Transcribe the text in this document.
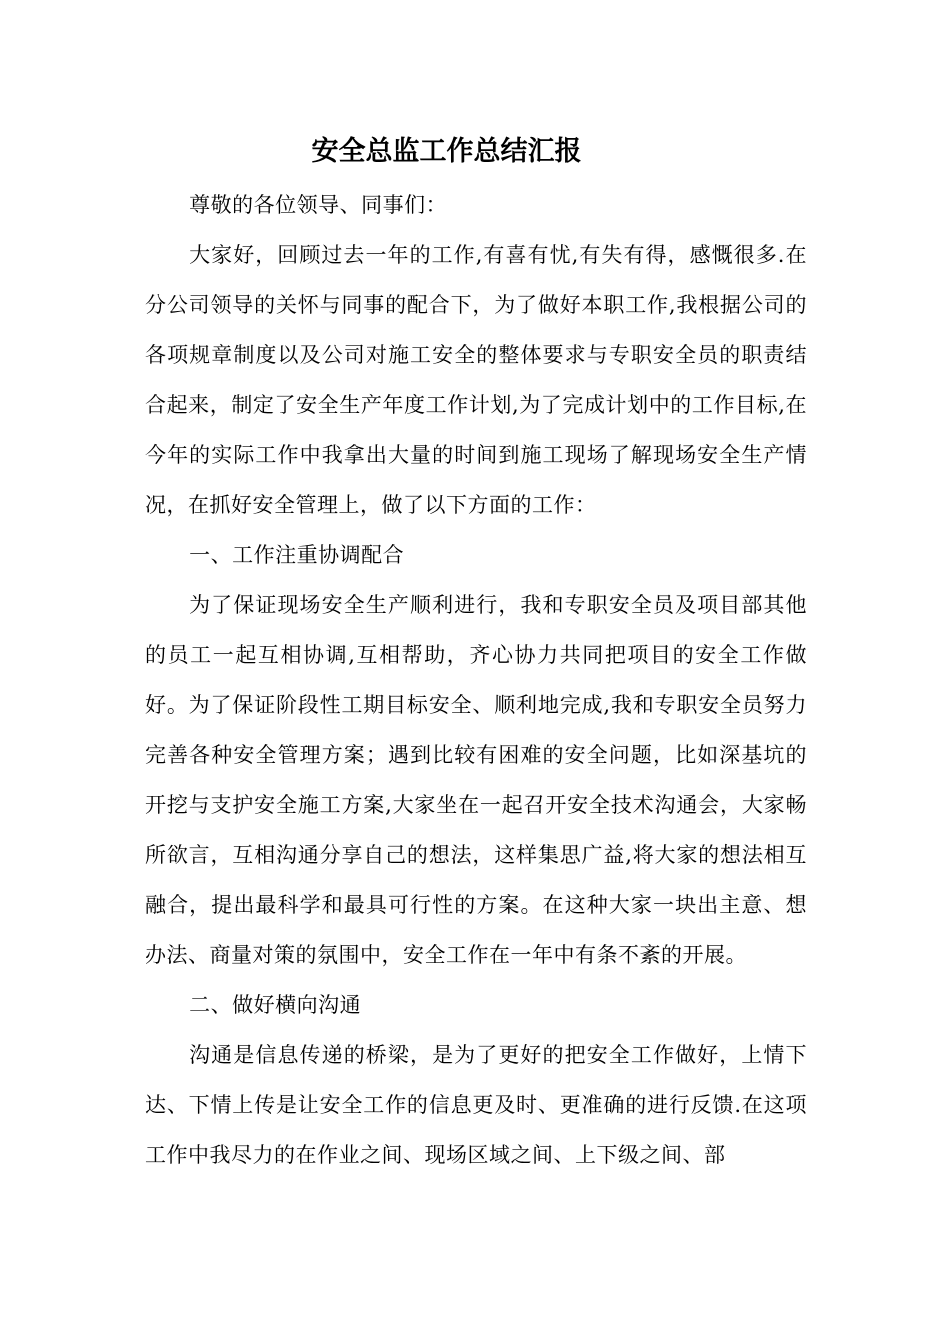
安全总监工作总结汇报

尊敬的各位领导、同事们：

大家好，回顾过去一年的工作,有喜有忧,有失有得，感慨很多.在分公司领导的关怀与同事的配合下，为了做好本职工作,我根据公司的各项规章制度以及公司对施工安全的整体要求与专职安全员的职责结合起来，制定了安全生产年度工作计划,为了完成计划中的工作目标,在今年的实际工作中我拿出大量的时间到施工现场了解现场安全生产情况，在抓好安全管理上，做了以下方面的工作：

一、工作注重协调配合

为了保证现场安全生产顺利进行，我和专职安全员及项目部其他的员工一起互相协调,互相帮助，齐心协力共同把项目的安全工作做好。为了保证阶段性工期目标安全、顺利地完成,我和专职安全员努力完善各种安全管理方案；遇到比较有困难的安全问题，比如深基坑的开挖与支护安全施工方案,大家坐在一起召开安全技术沟通会，大家畅所欲言，互相沟通分享自己的想法，这样集思广益,将大家的想法相互融合，提出最科学和最具可行性的方案。在这种大家一块出主意、想办法、商量对策的氛围中，安全工作在一年中有条不紊的开展。

二、做好横向沟通

沟通是信息传递的桥梁，是为了更好的把安全工作做好，上情下达、下情上传是让安全工作的信息更及时、更准确的进行反馈.在这项工作中我尽力的在作业之间、现场区域之间、上下级之间、部
